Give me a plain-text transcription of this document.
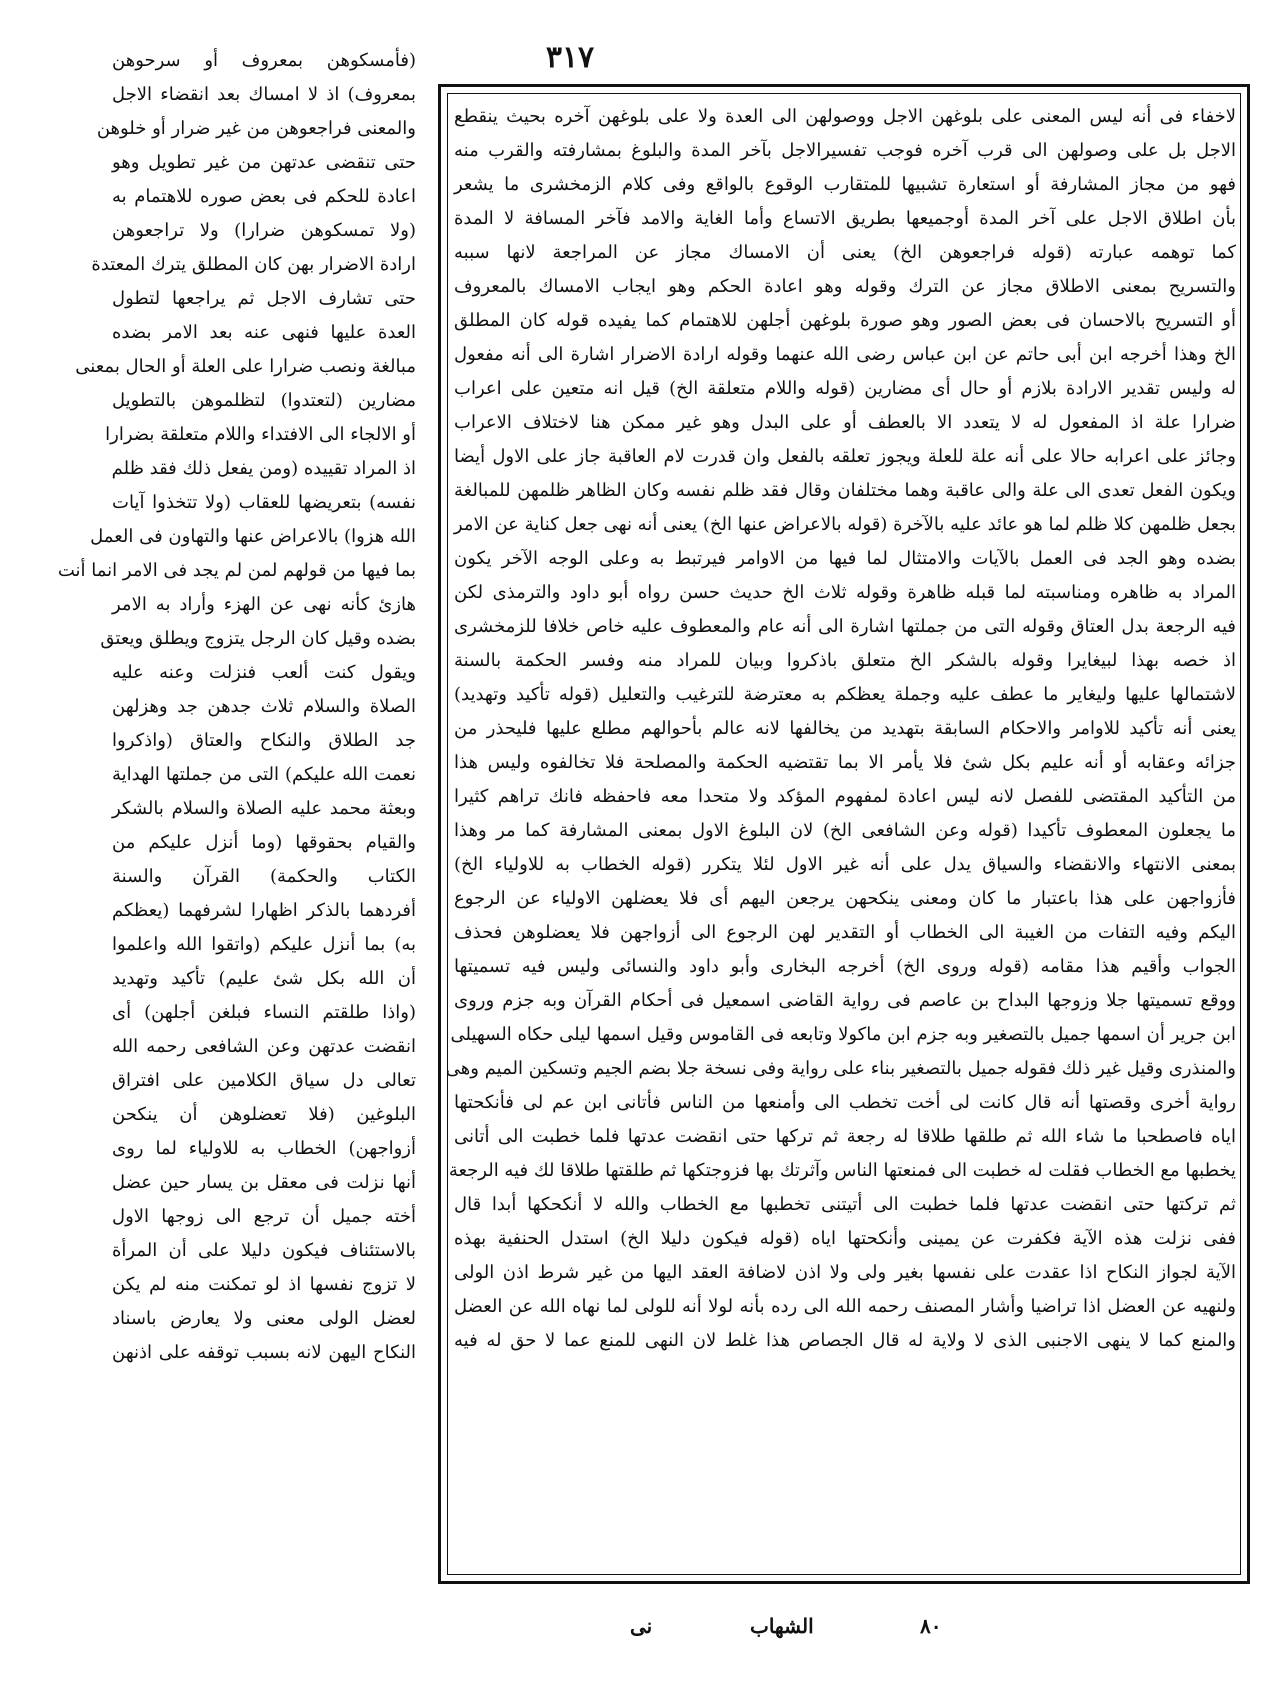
٣١٧

(فأمسكوهن بمعروف أو سرحوهن

بمعروف) اذ لا امساك بعد انقضاء الاجل

والمعنى فراجعوهن من غير ضرار أو خلوهن

حتى تنقضى عدتهن من غير تطويل وهو

اعادة للحكم فى بعض صوره للاهتمام به

(ولا تمسكوهن ضرارا) ولا تراجعوهن

ارادة الاضرار بهن كان المطلق يترك المعتدة

حتى تشارف الاجل ثم يراجعها لتطول

العدة عليها فنهى عنه بعد الامر بضده

مبالغة ونصب ضرارا على العلة أو الحال بمعنى

مضارين (لتعتدوا) لتظلموهن بالتطويل

أو الالجاء الى الافتداء واللام متعلقة بضرارا

اذ المراد تقييده (ومن يفعل ذلك فقد ظلم

نفسه) بتعريضها للعقاب (ولا تتخذوا آيات

الله هزوا) بالاعراض عنها والتهاون فى العمل

بما فيها من قولهم لمن لم يجد فى الامر انما أنت

هازئ كأنه نهى عن الهزء وأراد به الامر

بضده وقيل كان الرجل يتزوج ويطلق ويعتق

ويقول كنت ألعب فنزلت وعنه عليه

الصلاة والسلام ثلاث جدهن جد وهزلهن

جد الطلاق والنكاح والعتاق (واذكروا

نعمت الله عليكم) التى من جملتها الهداية

وبعثة محمد عليه الصلاة والسلام بالشكر

والقيام بحقوقها (وما أنزل عليكم من

الكتاب والحكمة) القرآن والسنة

أفردهما بالذكر اظهارا لشرفهما (يعظكم

به) بما أنزل عليكم (واتقوا الله واعلموا

أن الله بكل شئ عليم) تأكيد وتهديد

(واذا طلقتم النساء فبلغن أجلهن) أى

انقضت عدتهن وعن الشافعى رحمه الله

تعالى دل سياق الكلامين على افتراق

البلوغين (فلا تعضلوهن أن ينكحن

أزواجهن) الخطاب به للاولياء لما روى

أنها نزلت فى معقل بن يسار حين عضل

أخته جميل أن ترجع الى زوجها الاول

بالاستئناف فيكون دليلا على أن المرأة

لا تزوج نفسها اذ لو تمكنت منه لم يكن

لعضل الولى معنى ولا يعارض باسناد

النكاح اليهن لانه بسبب توقفه على اذنهن

لاخفاء فى أنه ليس المعنى على بلوغهن الاجل ووصولهن الى العدة ولا على بلوغهن آخره بحيث ينقطع

الاجل بل على وصولهن الى قرب آخره فوجب تفسيرالاجل بآخر المدة والبلوغ بمشارفته والقرب منه

فهو من مجاز المشارفة أو استعارة تشبيها للمتقارب الوقوع بالواقع وفى كلام الزمخشرى ما يشعر

بأن اطلاق الاجل على آخر المدة أوجميعها بطريق الاتساع وأما الغاية والامد فآخر المسافة لا المدة

كما توهمه عبارته (قوله فراجعوهن الخ) يعنى أن الامساك مجاز عن المراجعة لانها سببه

والتسريح بمعنى الاطلاق مجاز عن الترك وقوله وهو اعادة الحكم وهو ايجاب الامساك بالمعروف

أو التسريح بالاحسان فى بعض الصور وهو صورة بلوغهن أجلهن للاهتمام كما يفيده قوله كان المطلق

الخ وهذا أخرجه ابن أبى حاتم عن ابن عباس رضى الله عنهما وقوله ارادة الاضرار اشارة الى أنه مفعول

له وليس تقدير الارادة بلازم أو حال أى مضارين (قوله واللام متعلقة الخ) قيل انه متعين على اعراب

ضرارا علة اذ المفعول له لا يتعدد الا بالعطف أو على البدل وهو غير ممكن هنا لاختلاف الاعراب

وجائز على اعرابه حالا على أنه علة للعلة ويجوز تعلقه بالفعل وان قدرت لام العاقبة جاز على الاول أيضا

ويكون الفعل تعدى الى علة والى عاقبة وهما مختلفان وقال فقد ظلم نفسه وكان الظاهر ظلمهن للمبالغة

بجعل ظلمهن كلا ظلم لما هو عائد عليه بالآخرة (قوله بالاعراض عنها الخ) يعنى أنه نهى جعل كناية عن الامر

بضده وهو الجد فى العمل بالآيات والامتثال لما فيها من الاوامر فيرتبط به وعلى الوجه الآخر يكون

المراد به ظاهره ومناسبته لما قبله ظاهرة وقوله ثلاث الخ حديث حسن رواه أبو داود والترمذى لكن

فيه الرجعة بدل العتاق وقوله التى من جملتها اشارة الى أنه عام والمعطوف عليه خاص خلافا للزمخشرى

اذ خصه بهذا لبيغايرا وقوله بالشكر الخ متعلق باذكروا وبيان للمراد منه وفسر الحكمة بالسنة

لاشتمالها عليها وليغاير ما عطف عليه وجملة يعظكم به معترضة للترغيب والتعليل (قوله تأكيد وتهديد)

يعنى أنه تأكيد للاوامر والاحكام السابقة بتهديد من يخالفها لانه عالم بأحوالهم مطلع عليها فليحذر من

جزائه وعقابه أو أنه عليم بكل شئ فلا يأمر الا بما تقتضيه الحكمة والمصلحة فلا تخالفوه وليس هذا

من التأكيد المقتضى للفصل لانه ليس اعادة لمفهوم المؤكد ولا متحدا معه فاحفظه فانك تراهم كثيرا

ما يجعلون المعطوف تأكيدا (قوله وعن الشافعى الخ) لان البلوغ الاول بمعنى المشارفة كما مر وهذا

بمعنى الانتهاء والانقضاء والسياق يدل على أنه غير الاول لئلا يتكرر (قوله الخطاب به للاولياء الخ)

فأزواجهن على هذا باعتبار ما كان ومعنى ينكحهن يرجعن اليهم أى فلا يعضلهن الاولياء عن الرجوع

اليكم وفيه التفات من الغيبة الى الخطاب أو التقدير لهن الرجوع الى أزواجهن فلا يعضلوهن فحذف

الجواب وأقيم هذا مقامه (قوله وروى الخ) أخرجه البخارى وأبو داود والنسائى وليس فيه تسميتها

ووقع تسميتها جلا وزوجها البداح بن عاصم فى رواية القاضى اسمعيل فى أحكام القرآن وبه جزم وروى

ابن جرير أن اسمها جميل بالتصغير وبه جزم ابن ماكولا وتابعه فى القاموس وقيل اسمها ليلى حكاه السهيلى

والمنذرى وقيل غير ذلك فقوله جميل بالتصغير بناء على رواية وفى نسخة جلا بضم الجيم وتسكين الميم وهى

رواية أخرى وقصتها أنه قال كانت لى أخت تخطب الى وأمنعها من الناس فأتانى ابن عم لى فأنكحتها

اياه فاصطحبا ما شاء الله ثم طلقها طلاقا له رجعة ثم تركها حتى انقضت عدتها فلما خطبت الى أتانى

يخطبها مع الخطاب فقلت له خطبت الى فمنعتها الناس وآثرتك بها فزوجتكها ثم طلقتها طلاقا لك فيه الرجعة

ثم تركتها حتى انقضت عدتها فلما خطبت الى أتيتنى تخطبها مع الخطاب والله لا أنكحكها أبدا قال

ففى نزلت هذه الآية فكفرت عن يمينى وأنكحتها اياه (قوله فيكون دليلا الخ) استدل الحنفية بهذه

الآية لجواز النكاح اذا عقدت على نفسها بغير ولى ولا اذن لاضافة العقد اليها من غير شرط اذن الولى

ولنهيه عن العضل اذا تراضيا وأشار المصنف رحمه الله الى رده بأنه لولا أنه للولى لما نهاه الله عن العضل

والمنع كما لا ينهى الاجنبى الذى لا ولاية له قال الجصاص هذا غلط لان النهى للمنع عما لا حق له فيه

٨٠
الشهاب
نى
